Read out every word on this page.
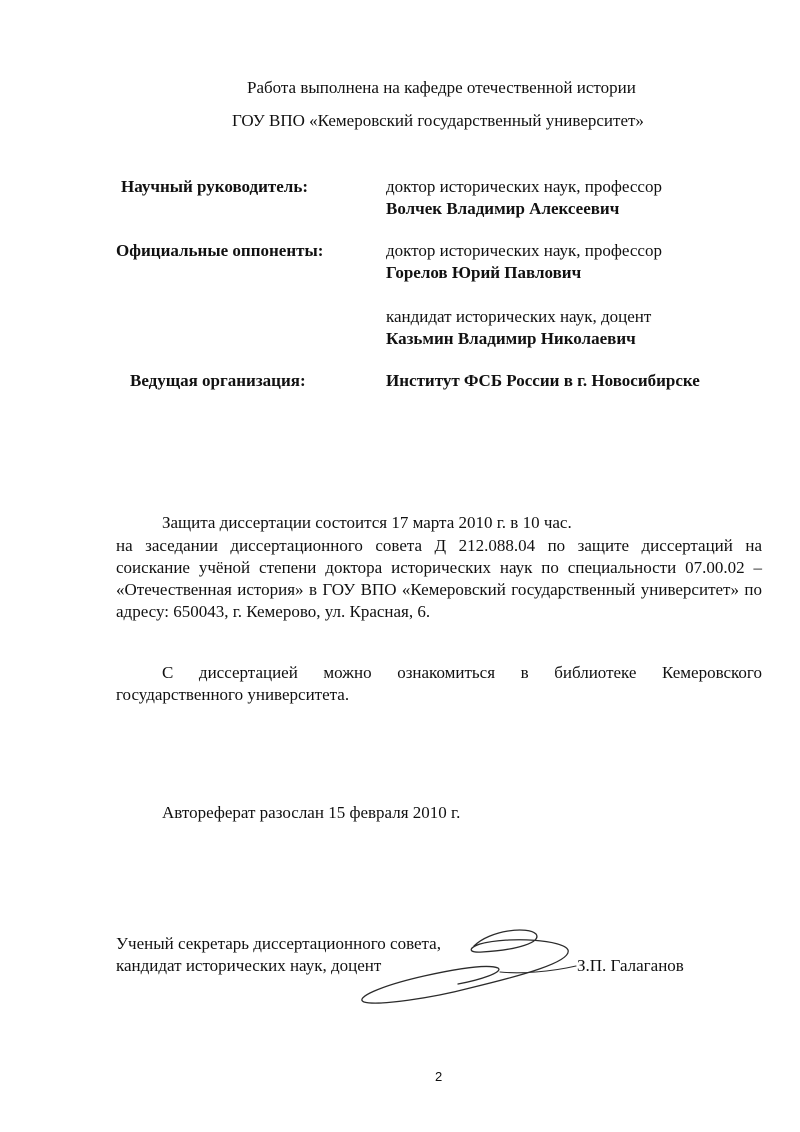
Работа выполнена на кафедре отечественной истории
ГОУ ВПО «Кемеровский государственный университет»
Научный руководитель:	доктор исторических наук, профессор
Волчек Владимир Алексеевич
Официальные оппоненты:	доктор исторических наук, профессор
Горелов Юрий Павлович
кандидат исторических наук, доцент
Казьмин Владимир Николаевич
Ведущая организация:	Институт ФСБ России в г. Новосибирске
Защита диссертации состоится 17 марта 2010 г. в 10 час.
на заседании диссертационного совета Д 212.088.04 по защите диссертаций на соискание учёной степени доктора исторических наук по специальности 07.00.02 – «Отечественная история» в ГОУ ВПО «Кемеровский государственный университет» по адресу: 650043, г. Кемерово, ул. Красная, 6.
С диссертацией можно ознакомиться в библиотеке Кемеровского государственного университета.
Автореферат разослан 15 февраля 2010 г.
Ученый секретарь диссертационного совета,
кандидат исторических наук, доцент	З.П. Галаганов
2
